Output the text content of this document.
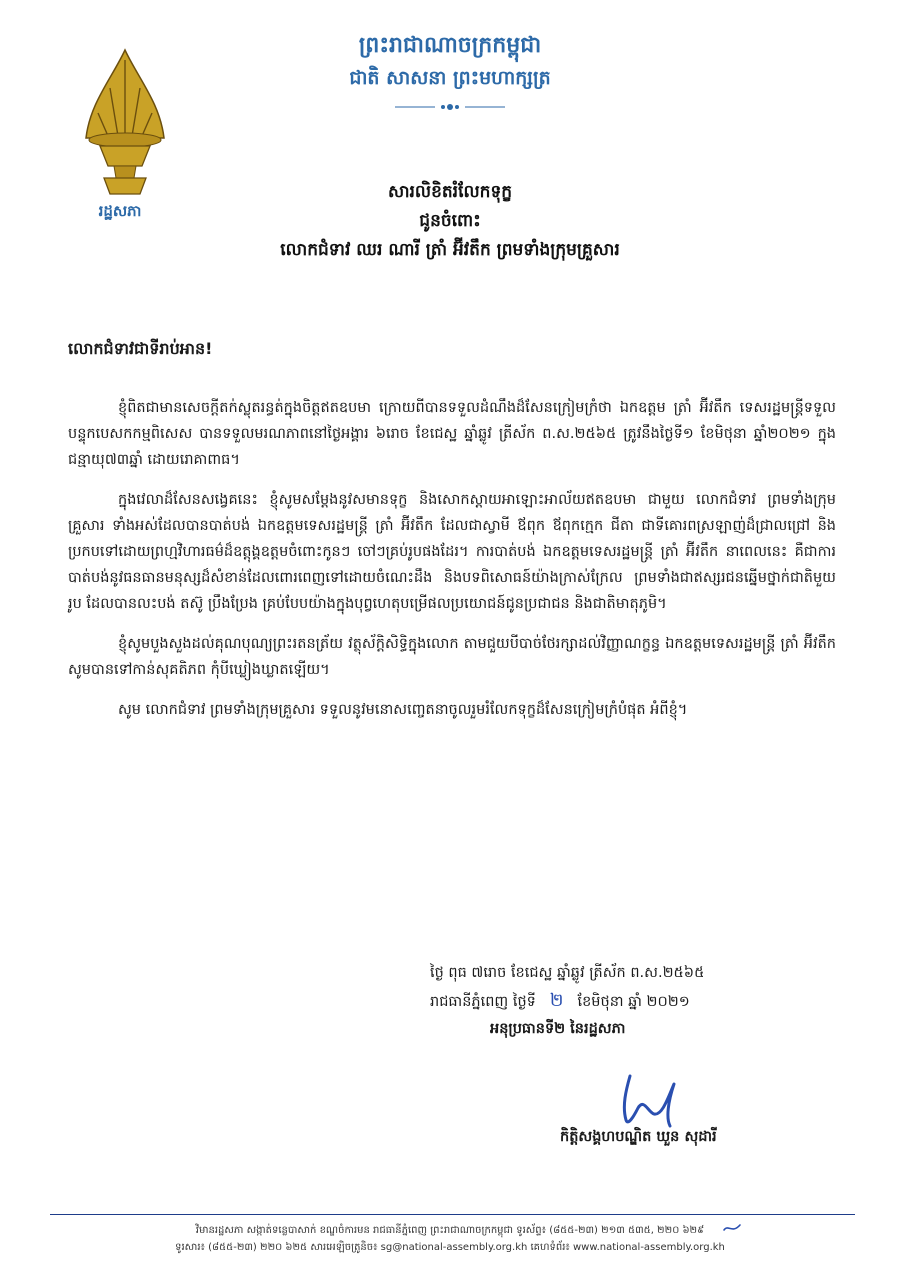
រដ្ឋសភា
ព្រះរាជាណាចក្រកម្ពុជា
ជាតិ សាសនា ព្រះមហាក្សត្រ
សារលិខិតរំលែកទុក្ខ
ជូនចំពោះ
លោកជំទាវ ឈរ ណារី ត្រាំ អ៊ីវតឹក ព្រមទាំងក្រុមគ្រួសារ
លោកជំទាវជាទីរាប់អាន!

ខ្ញុំពិតជាមានសេចក្ដីតក់ស្លុតរន្ធត់ក្នុងចិត្តឥតឧបមា ក្រោយពីបានទទួលដំណឹងដ៏សែនក្រៀមក្រំថា ឯកឧត្តម ត្រាំ អ៊ីវតឹក ទេសរដ្ឋមន្ត្រីទទួលបន្ទុកបេសកកម្មពិសេស បានទទួលមរណភាពនៅថ្ងៃអង្គារ ៦រោច ខែជេស្ឋ ឆ្នាំឆ្លូវ ត្រីស័ក ព.ស.២៥៦៥ ត្រូវនឹងថ្ងៃទី១ ខែមិថុនា ឆ្នាំ២០២១ ក្នុងជន្មាយុ៧៣ឆ្នាំ ដោយរោគាពាធ។

ក្នុងវេលាដ៏សែនសង្វេគនេះ ខ្ញុំសូមសម្ដែងនូវសមានទុក្ខ និងសោកស្ដាយអាឡោះអាល័យឥតឧបមា ជាមួយ លោកជំទាវ ព្រមទាំងក្រុមគ្រួសារ ទាំងអស់ដែលបានបាត់បង់ ឯកឧត្តមទេសរដ្ឋមន្ត្រី ត្រាំ អ៊ីវតឹក ដែលជាស្វាមី ឪពុក ឪពុកក្មេក ជីតា ជាទីគោរពស្រឡាញ់ដ៏ជ្រាលជ្រៅ និងប្រកបទៅដោយព្រហ្មវិហារធម៌ដ៏ឧត្តុង្គឧត្តមចំពោះកូនៗ ចៅៗគ្រប់រូបផងដែរ។ ការបាត់បង់ ឯកឧត្តមទេសរដ្ឋមន្ត្រី ត្រាំ អ៊ីវតឹក នាពេលនេះ គឺជាការបាត់បង់នូវធនធានមនុស្សដ៏សំខាន់ដែលពោរពេញទៅដោយចំណេះដឹង និងបទពិសោធន៍យ៉ាងក្រាស់ក្រែល ព្រមទាំងជាឥស្សរជនឆ្នើមថ្នាក់ជាតិមួយរូប ដែលបានលះបង់ តស៊ូ ប្រឹងប្រែង គ្រប់បែបយ៉ាងក្នុងបុព្វហេតុបម្រើផលប្រយោជន៍ជូនប្រជាជន និងជាតិមាតុភូមិ។

ខ្ញុំសូមបួងសួងដល់គុណបុណ្យព្រះរតនត្រ័យ វត្ថុស័ក្តិសិទ្ធិក្នុងលោក តាមជួយបីបាច់ថែរក្សាដល់វិញ្ញាណក្ខន្ធ ឯកឧត្តមទេសរដ្ឋមន្ត្រី ត្រាំ អ៊ីវតឹក សូមបានទៅកាន់សុគតិភព កុំបីឃ្លៀងឃ្លាតឡើយ។

សូម លោកជំទាវ ព្រមទាំងក្រុមគ្រួសារ ទទួលនូវមនោសញ្ចេតនាចូលរួមរំលែកទុក្ខដ៏សែនក្រៀមក្រំបំផុត អំពីខ្ញុំ។

ថ្ងៃ ពុធ ៧រោច ខែជេស្ឋ ឆ្នាំឆ្លូវ ត្រីស័ក ព.ស.២៥៦៥
រាជធានីភ្នំពេញ ថ្ងៃទី ២ ខែមិថុនា ឆ្នាំ ២០២១
អនុប្រធានទី២ នៃរដ្ឋសភា
កិត្តិសង្គហបណ្ឌិត ឃួន សុដារី
វិមានរដ្ឋសភា សង្កាត់ទន្លេបាសាក់ ខណ្ឌចំការមន រាជធានីភ្នំពេញ ព្រះរាជាណាចក្រកម្ពុជា ទូរស័ព្ទ៖ (៨៥៥-២៣) ២១៣ ៥៣៥, ២២០ ៦២៩
ទូរសារ៖ (៨៥៥-២៣) ២២០ ៦២៥ សារអេឡិចត្រូនិច៖ sg@national-assembly.org.kh គេហទំព័រ៖ www.national-assembly.org.kh
